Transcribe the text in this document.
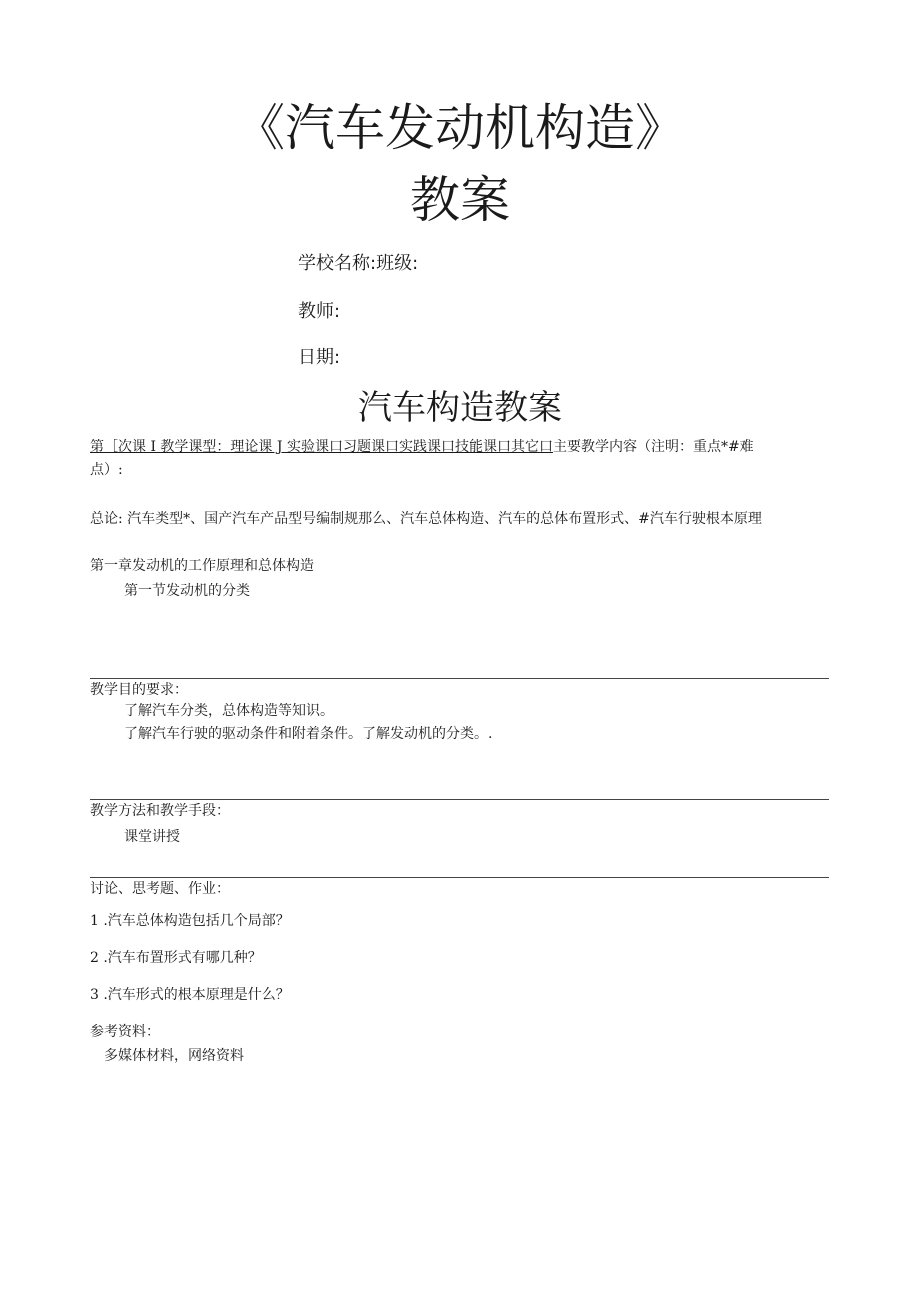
《汽车发动机构造》
教案
学校名称:班级:
教师:
日期:
汽车构造教案
第［次课 I 教学课型：理论课 J 实验课口习题课口实践课口技能课口其它口主要教学内容（注明：重点*#难
点）:
总论: 汽车类型*、国产汽车产品型号编制规那么、汽车总体构造、汽车的总体布置形式、#汽车行驶根本原理
第一章发动机的工作原理和总体构造
第一节发动机的分类
教学目的要求：
了解汽车分类，总体构造等知识。
了解汽车行驶的驱动条件和附着条件。了解发动机的分类。.
教学方法和教学手段：
课堂讲授
讨论、思考题、作业：
1 .汽车总体构造包括几个局部？
2 .汽车布置形式有哪几种？
3 .汽车形式的根本原理是什么？
参考资料：
多媒体材料，网络资料
